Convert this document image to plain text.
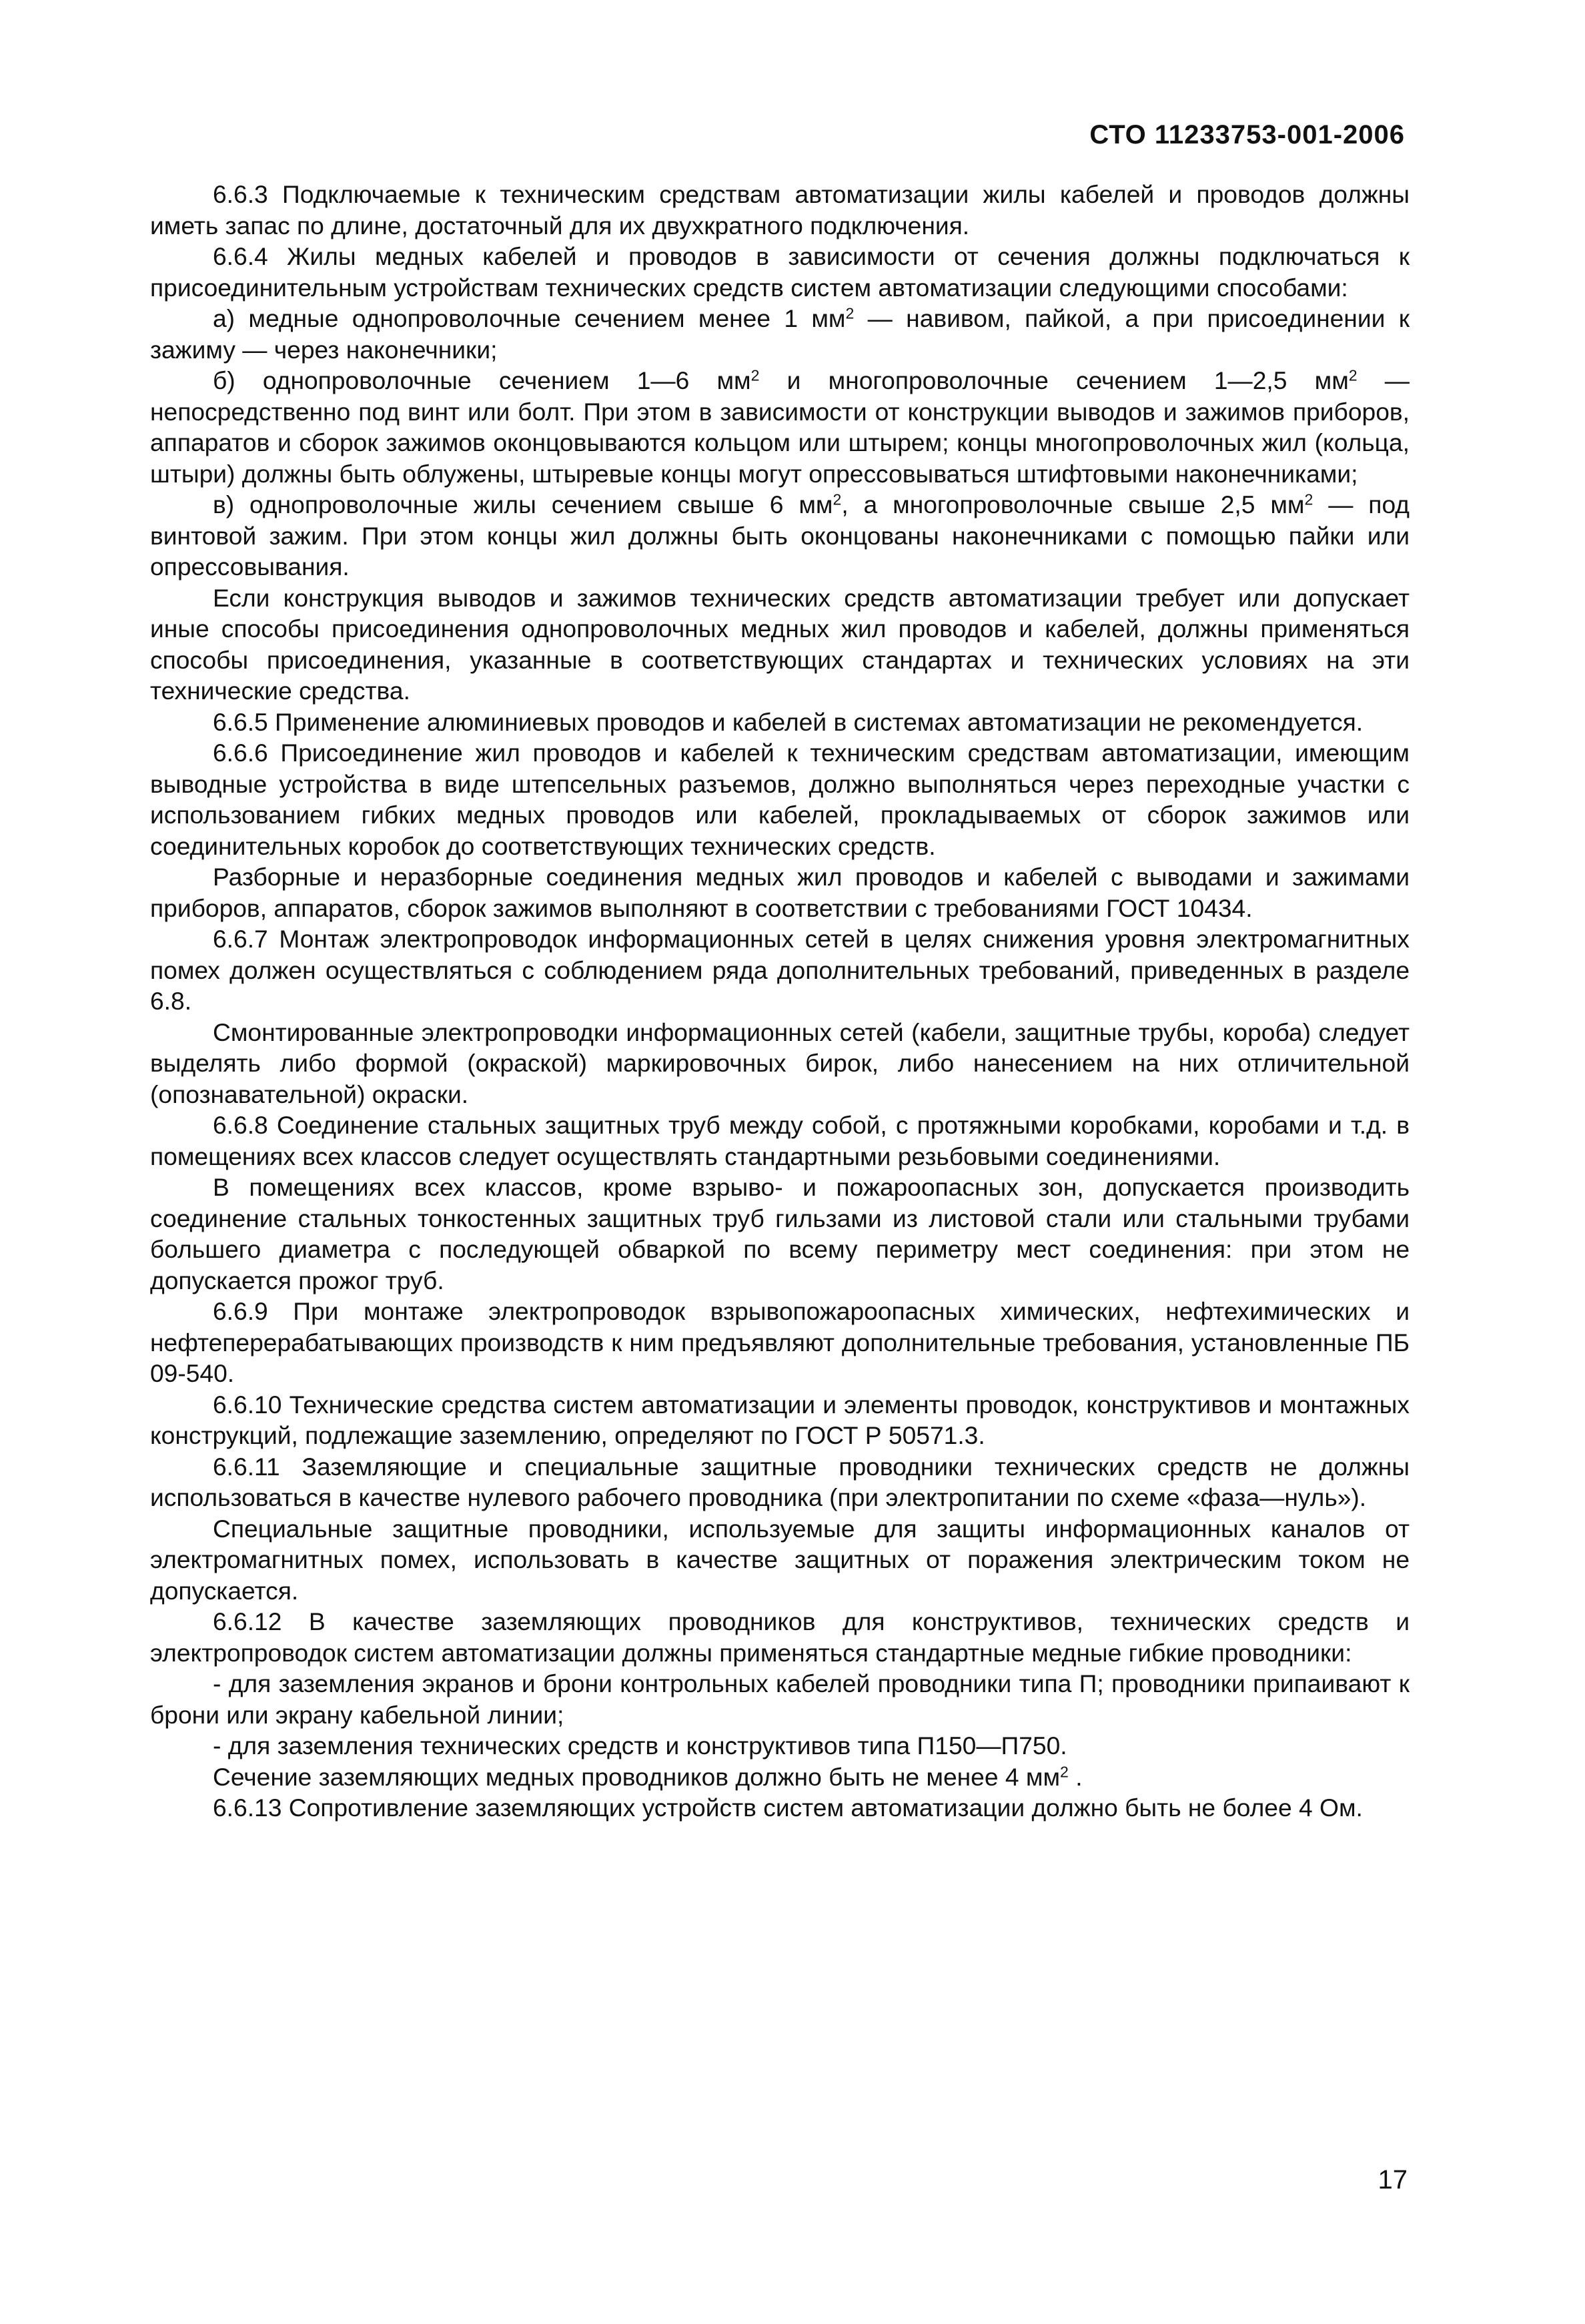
СТО 11233753-001-2006

6.6.3 Подключаемые к техническим средствам автоматизации жилы кабелей и проводов должны иметь запас по длине, достаточный для их двухкратного подключения.

6.6.4 Жилы медных кабелей и проводов в зависимости от сечения должны подключаться к присоединительным устройствам технических средств систем автоматизации следующими способами:

а) медные однопроволочные сечением менее 1 $мм^2$ — навивом, пайкой, а при присоединении к зажиму — через наконечники;

б) однопроволочные сечением 1—6 $мм^2$ и многопроволочные сечением 1—2,5 $мм^2$ — непосредственно под винт или болт. При этом в зависимости от конструкции выводов и зажимов приборов, аппаратов и сборок зажимов оконцовываются кольцом или штырем; концы многопроволочных жил (кольца, штыри) должны быть облужены, штыревые концы могут опрессовываться штифтовыми наконечниками;

в) однопроволочные жилы сечением свыше 6 $мм^2$, а многопроволочные свыше 2,5 $мм^2$ — под винтовой зажим. При этом концы жил должны быть оконцованы наконечниками с помощью пайки или опрессовывания.

Если конструкция выводов и зажимов технических средств автоматизации требует или допускает иные способы присоединения однопроволочных медных жил проводов и кабелей, должны применяться способы присоединения, указанные в соответствующих стандартах и технических условиях на эти технические средства.

6.6.5 Применение алюминиевых проводов и кабелей в системах автоматизации не рекомендуется.

6.6.6 Присоединение жил проводов и кабелей к техническим средствам автоматизации, имеющим выводные устройства в виде штепсельных разъемов, должно выполняться через переходные участки с использованием гибких медных проводов или кабелей, прокладываемых от сборок зажимов или соединительных коробок до соответствующих технических средств.

Разборные и неразборные соединения медных жил проводов и кабелей с выводами и зажимами приборов, аппаратов, сборок зажимов выполняют в соответствии с требованиями ГОСТ 10434.

6.6.7 Монтаж электропроводок информационных сетей в целях снижения уровня электромагнитных помех должен осуществляться с соблюдением ряда дополнительных требований, приведенных в разделе 6.8.

Смонтированные электропроводки информационных сетей (кабели, защитные трубы, короба) следует выделять либо формой (окраской) маркировочных бирок, либо нанесением на них отличительной (опознавательной) окраски.

6.6.8 Соединение стальных защитных труб между собой, с протяжными коробками, коробами и т.д. в помещениях всех классов следует осуществлять стандартными резьбовыми соединениями.

В помещениях всех классов, кроме взрыво- и пожароопасных зон, допускается производить соединение стальных тонкостенных защитных труб гильзами из листовой стали или стальными трубами большего диаметра с последующей обваркой по всему периметру мест соединения: при этом не допускается прожог труб.

6.6.9 При монтаже электропроводок взрывопожароопасных химических, нефтехимических и нефтеперерабатывающих производств к ним предъявляют дополнительные требования, установленные ПБ 09-540.

6.6.10 Технические средства систем автоматизации и элементы проводок, конструктивов и монтажных конструкций, подлежащие заземлению, определяют по ГОСТ Р 50571.3.

6.6.11 Заземляющие и специальные защитные проводники технических средств не должны использоваться в качестве нулевого рабочего проводника (при электропитании по схеме «фаза—нуль»).

Специальные защитные проводники, используемые для защиты информационных каналов от электромагнитных помех, использовать в качестве защитных от поражения электрическим током не допускается.

6.6.12 В качестве заземляющих проводников для конструктивов, технических средств и электропроводок систем автоматизации должны применяться стандартные медные гибкие проводники:

- для заземления экранов и брони контрольных кабелей проводники типа П; проводники припаивают к брони или экрану кабельной линии;

- для заземления технических средств и конструктивов типа П150—П750.

Сечение заземляющих медных проводников должно быть не менее 4 $мм^2$ .

6.6.13 Сопротивление заземляющих устройств систем автоматизации должно быть не более 4 Ом.

17
